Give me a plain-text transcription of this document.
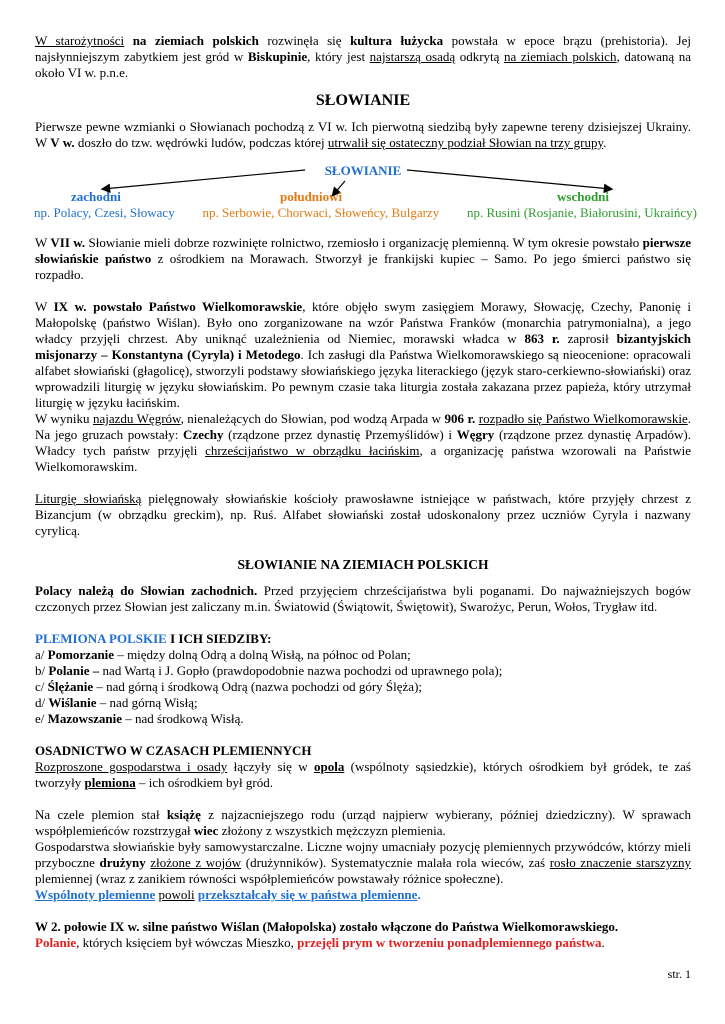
W starożytności na ziemiach polskich rozwinęła się kultura łużycka powstała w epoce brązu (prehistoria). Jej najsłynniejszym zabytkiem jest gród w Biskupinie, który jest najstarszą osadą odkrytą na ziemiach polskich, datowaną na około VI w. p.n.e.

SŁOWIANIE

Pierwsze pewne wzmianki o Słowianach pochodzą z VI w. Ich pierwotną siedzibą były zapewne tereny dzisiejszej Ukrainy. W V w. doszło do tzw. wędrówki ludów, podczas której utrwalił się ostateczny podział Słowian na trzy grupy.

SŁOWIANIE
zachodni	południowi	wschodni
np. Polacy, Czesi, Słowacy np. Serbowie, Chorwaci, Słoweńcy, Bulgarzy np. Rusini (Rosjanie, Białorusini, Ukraińcy)

W VII w. Słowianie mieli dobrze rozwinięte rolnictwo, rzemiosło i organizację plemienną. W tym okresie powstało pierwsze słowiańskie państwo z ośrodkiem na Morawach. Stworzył je frankijski kupiec – Samo. Po jego śmierci państwo się rozpadło.

W IX w. powstało Państwo Wielkomorawskie, które objęło swym zasięgiem Morawy, Słowację, Czechy, Panonię i Małopolskę (państwo Wiślan). Było ono zorganizowane na wzór Państwa Franków (monarchia patrymonialna), a jego władcy przyjęli chrzest. Aby uniknąć uzależnienia od Niemiec, morawski władca w 863 r. zaprosił bizantyjskich misjonarzy – Konstantyna (Cyryla) i Metodego. Ich zasługi dla Państwa Wielkomorawskiego są nieocenione: opracowali alfabet słowiański (głagolicę), stworzyli podstawy słowiańskiego języka literackiego (język staro-cerkiewno-słowiański) oraz wprowadzili liturgię w języku słowiańskim. Po pewnym czasie taka liturgia została zakazana przez papieża, który utrzymał liturgię w języku łacińskim.

W wyniku najazdu Węgrów, nienależących do Słowian, pod wodzą Arpada w 906 r. rozpadło się Państwo Wielkomorawskie. Na jego gruzach powstały: Czechy (rządzone przez dynastię Przemyślidów) i Węgry (rządzone przez dynastię Arpadów). Władcy tych państw przyjęli chrześcijaństwo w obrządku łacińskim, a organizację państwa wzorowali na Państwie Wielkomorawskim.

Liturgię słowiańską pielęgnowały słowiańskie kościoły prawosławne istniejące w państwach, które przyjęły chrzest z Bizancjum (w obrządku greckim), np. Ruś. Alfabet słowiański został udoskonalony przez uczniów Cyryla i nazwany cyrylicą.

SŁOWIANIE NA ZIEMIACH POLSKICH

Polacy należą do Słowian zachodnich. Przed przyjęciem chrześcijaństwa byli poganami. Do najważniejszych bogów czczonych przez Słowian jest zaliczany m.in. Światowid (Świątowit, Świętowit), Swarożyc, Perun, Wołos, Trygław itd.

PLEMIONA POLSKIE I ICH SIEDZIBY:

a/ Pomorzanie – między dolną Odrą a dolną Wisłą, na północ od Polan;

b/ Polanie – nad Wartą i J. Gopło (prawdopodobnie nazwa pochodzi od uprawnego pola);

c/ Ślężanie – nad górną i środkową Odrą (nazwa pochodzi od góry Ślęża);

d/ Wiślanie – nad górną Wisłą;

e/ Mazowszanie – nad środkową Wisłą.

OSADNICTWO W CZASACH PLEMIENNYCH

Rozproszone gospodarstwa i osady łączyły się w opola (wspólnoty sąsiedzkie), których ośrodkiem był gródek, te zaś tworzyły plemiona – ich ośrodkiem był gród.

Na czele plemion stał książę z najzacniejszego rodu (urząd najpierw wybierany, później dziedziczny). W sprawach współplemieńców rozstrzygał wiec złożony z wszystkich mężczyzn plemienia.

Gospodarstwa słowiańskie były samowystarczalne. Liczne wojny umacniały pozycję plemiennych przywódców, którzy mieli przyboczne drużyny złożone z wojów (drużynników). Systematycznie malała rola wieców, zaś rosło znaczenie starszyzny plemiennej (wraz z zanikiem równości współplemieńców powstawały różnice społeczne).

Wspólnoty plemienne powoli przekształcały się w państwa plemienne.

W 2. połowie IX w. silne państwo Wiślan (Małopolska) zostało włączone do Państwa Wielkomorawskiego.

Polanie, których księciem był wówczas Mieszko, przejęli prym w tworzeniu ponadplemiennego państwa.

str. 1
